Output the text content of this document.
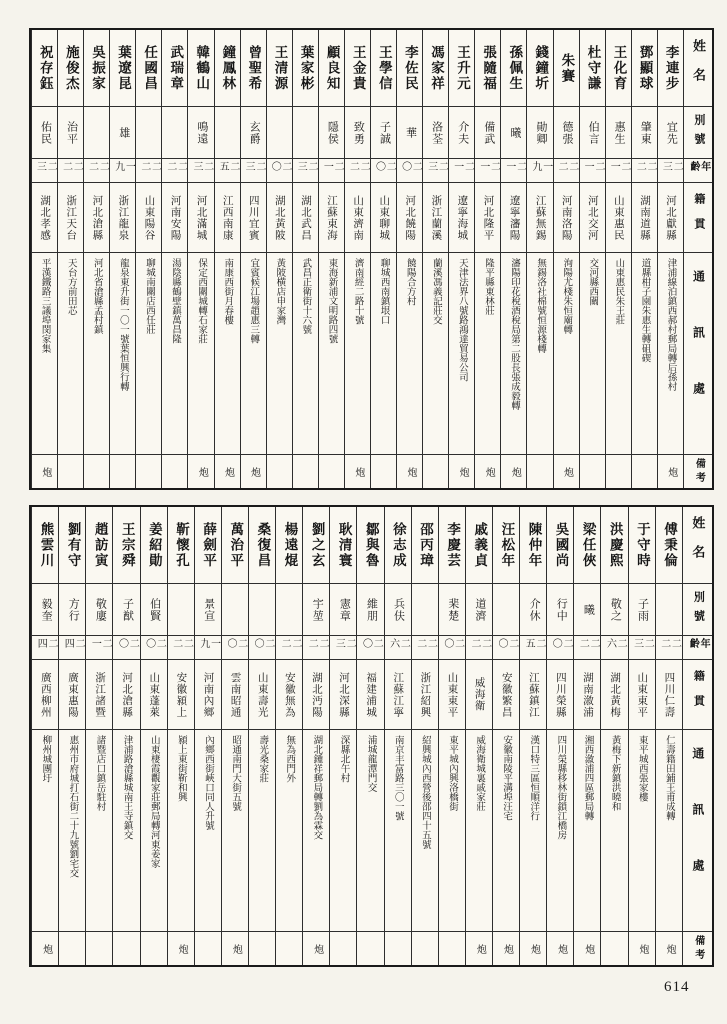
姓名
別號
年齡
籍貫
通訊處
備考
李連步
宜先
二三
河北獻縣
津浦線泊鎮西郝村郵局轉后孫村
炮
鄧顯球
肇東
二二
湖南道縣
道縣柑子園朱惠生轉砠碶
王化育
惠生
二一
山東惠民
山東惠民朱王莊
杜守謙
伯言
二一
河北交河
交河縣西關
朱賽
德張
二二
河南洛陽
洵陽尤棧朱恒廟轉
炮
錢鐘圻
勛卿
一九
江蘇無錫
無錫洛社棉號恒源棧轉
孫佩生
曦
二一
遼寧瀋陽
瀋陽印花稅酒稅局第二股長張成毅轉
炮
張隨福
備武
二一
河北隆平
隆平縣東林莊
炮
王升元
介夫
二一
遼寧海城
天津法界八號路鴻達貿易公司
炮
馮家祥
洛荃
二三
浙江蘭溪
蘭溪馮義記莊交
李佐民
華
二〇
河北饒陽
饒陽合方村
炮
王學信
子誠
二〇
山東聊城
聊城西南鎮垠口
王金貴
致勇
二二
山東濟南
濟南經二路十號
炮
顧良知
隱侯
二一
江蘇東海
東海新浦文明路四號
葉家彬
二三
湖北武昌
武昌正衛街十六號
王清源
二〇
湖北黃陂
黃陂横店申家灣
曾聖希
玄爵
二三
四川宜賓
宜賓候江場趙惠三轉
炮
鐘鳳林
二五
江西南康
南康西街月春樓
炮
韓鶴山
鳴遠
二三
河北滿城
保定西關城轉石家莊
炮
武瑞章
二二
河南安陽
湯陰縣鶴壁鎮萬昌隆
任國昌
二二
山東陽谷
聊城南關店西任莊
葉遼昆
雄
一九
浙江龍泉
龍泉東升街一〇一號葉恒興行轉
吳振家
二二
河北滄縣
河北省滄縣孟村鎮
施俊杰
治平
二二
浙江天台
天台方前田芯
祝存鈺
佑民
二三
湖北孝感
平漢鐵路三議埠閔家集
炮
姓名
別號
年齡
籍貫
通訊處
備考
傅秉倫
二二
四川仁壽
仁壽籍田鋪王甫成轉
炮
于守時
子雨
二三
山東東平
東平城西張家樓
炮
洪慶熙
敬之
二六
湖北黃梅
黃梅下新鎮洪曉和
梁任俠
曦
二二
湖南漵浦
湘西漵浦四區郵局轉
炮
吳國尚
行中
二〇
四川榮縣
四川榮縣移林街鎖江橋房
炮
陳仲年
介休
二五
江蘇鎮江
漢口特三區恒順洋行
炮
汪松年
二〇
安徽繁昌
安徽南陵平溝埠汪宅
炮
戚義貞
道濟
二二
威海衛
威海衛城裏戚家莊
炮
李慶芸
棐楚
二〇
山東東平
東平城內興洛橋街
邵丙璋
二二
浙江紹興
紹興城內西營後邵四十五號
徐志成
兵伕
二六
江蘇江寧
南京丰富路三〇一號
鄒與魯
維朋
二〇
福建浦城
浦城龍潭門交
耿清寰
憲章
二三
河北深縣
深縣北午村
劉之玄
宇堃
二二
湖北沔陽
湖北鍾祥郵局轉劉為霖交
炮
楊遠焜
二二
安徽無為
無為西門外
桑復昌
二〇
山東壽光
壽光桑家莊
萬治平
二〇
雲南昭通
昭通南門大街五號
炮
薛劍平
景宣
一九
河南內鄉
內鄉西街峽口同人升號
靳懷孔
二二
安徽潁上
潁上東街靳和興
炮
姜紹勛
伯賢
二〇
山東蓬萊
山東棲霞觀家莊郵局轉河東姜家
王宗舜
子猷
二〇
河北滄縣
津浦路滄縣城南王寺鎮交
趙訪寅
敬廔
二一
浙江諸暨
諸暨店口鎮岳駐村
劉有守
方行
二四
廣東惠陽
惠州市府城打石街二十九號劉宅交
熊雲川
毅奎
二四
廣西柳州
柳州城團圩
炮
614
